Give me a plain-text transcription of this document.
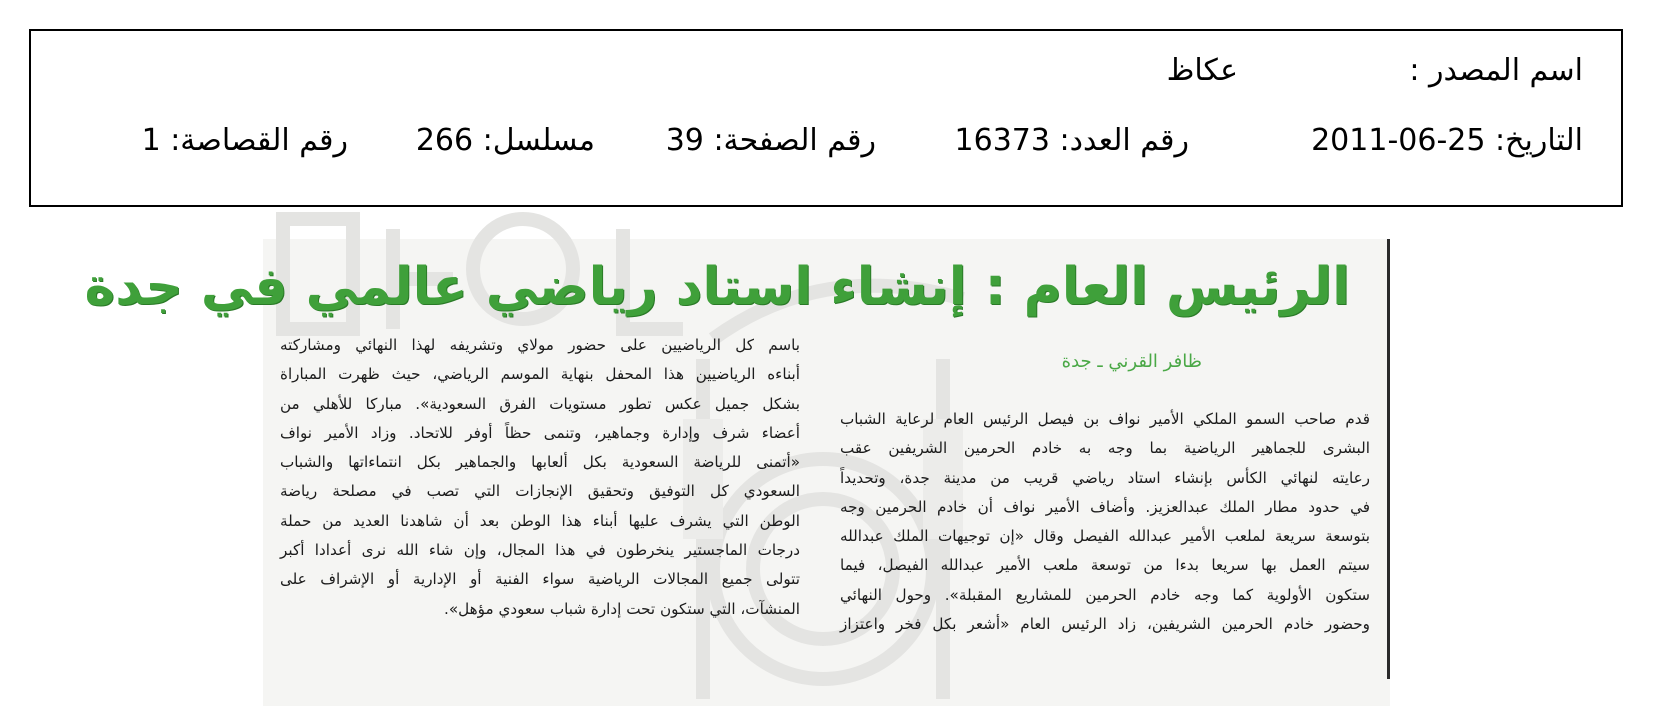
اسم المصدر :
عكاظ
التاريخ: 25-06-2011
رقم العدد: 16373
رقم الصفحة: 39
مسلسل: 266
رقم القصاصة: 1
الرئيس العام : إنشاء استاد رياضي عالمي في جدة
ظافر القرني ـ جدة
قدم صاحب السمو الملكي الأمير نواف بن فيصل الرئيس العام لرعاية الشباب
البشرى للجماهير الرياضية بما وجه به خادم الحرمين الشريفين عقب
رعايته لنهائي الكأس بإنشاء استاد رياضي قريب من مدينة جدة، وتحديداً
في حدود مطار الملك عبدالعزيز. وأضاف الأمير نواف أن خادم الحرمين وجه
بتوسعة سريعة لملعب الأمير عبدالله الفيصل وقال «إن توجيهات الملك عبدالله
سيتم العمل بها سريعا بدءا من توسعة ملعب الأمير عبدالله الفيصل، فيما
ستكون الأولوية كما وجه خادم الحرمين للمشاريع المقبلة». وحول النهائي
وحضور خادم الحرمين الشريفين، زاد الرئيس العام «أشعر بكل فخر واعتزاز
باسم كل الرياضيين على حضور مولاي وتشريفه لهذا النهائي ومشاركته
أبناءه الرياضيين هذا المحفل بنهاية الموسم الرياضي، حيث ظهرت المباراة
بشكل جميل عكس تطور مستويات الفرق السعودية». مباركا للأهلي من
أعضاء شرف وإدارة وجماهير، وتنمى حظاً أوفر للاتحاد. وزاد الأمير نواف
«أتمنى للرياضة السعودية بكل ألعابها والجماهير بكل انتماءاتها والشباب
السعودي كل التوفيق وتحقيق الإنجازات التي تصب في مصلحة رياضة
الوطن التي يشرف عليها أبناء هذا الوطن بعد أن شاهدنا العديد من حملة
درجات الماجستير ينخرطون في هذا المجال، وإن شاء الله نرى أعدادا أكبر
تتولى جميع المجالات الرياضية سواء الفنية أو الإدارية أو الإشراف على
المنشآت، التي ستكون تحت إدارة شباب سعودي مؤهل».
